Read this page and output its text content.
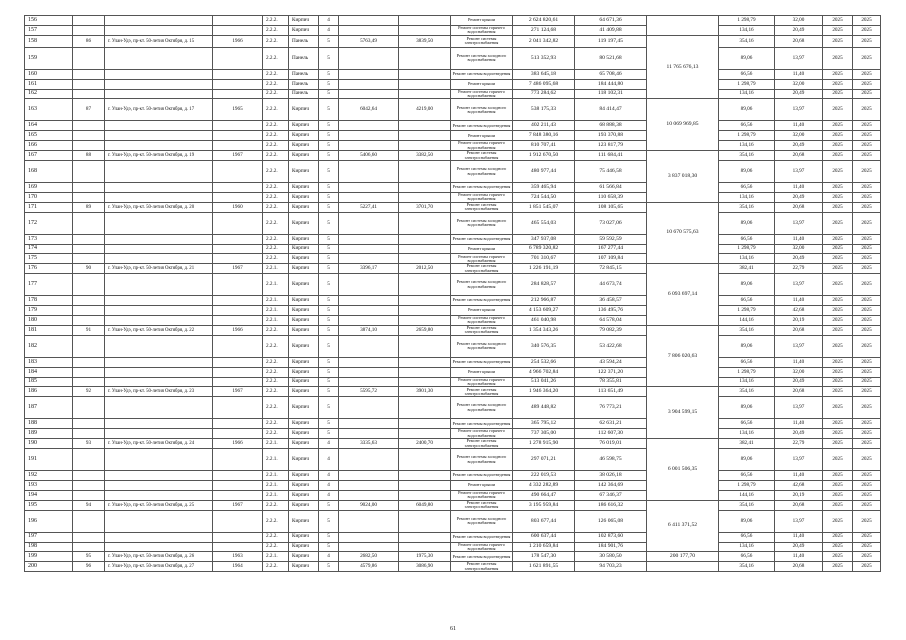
156				2.2.2.	Кирпич	4			Ремонт крыши	2 624 820,61	64 671,36		1 298,79	32,00	2025	2025
157				2.2.2.	Кирпич	4			Ремонт системы горячего водоснабжения	271 124,68	41 409,88		134,16	20,49	2025	2025
158	86	г. Улан-Удэ, пр-кт. 50-летия Октября, д. 15	1966	2.2.2.	Панель	5	5763,49	3839,50	Ремонт системы электроснабжения	2 041 342,82	119 197,45	11 765 676,13	354,16	20,68	2025	2025
159				2.2.2.	Панель	5			Ремонт системы холодного водоснабжения	513 352,93	80 521,68		89,06	13,97	2025	2025
160				2.2.2.	Панель	5			Ремонт системы водоотведения	383 645,18	65 708,46		66,56	11,40	2025	2025
161				2.2.2.	Панель	5			Ремонт крыши	7 486 095,68	184 444,80		1 298,79	32,00	2025	2025
162				2.2.2.	Панель	5			Ремонт системы горячего водоснабжения	773 284,62	118 102,31		134,16	20,49	2025	2025
163	87	г. Улан-Удэ, пр-кт. 50-летия Октября, д. 17	1965	2.2.2.	Кирпич	5	6042,64	4219,00	Ремонт системы холодного водоснабжения	538 175,33	84 414,47	10 069 969,85	89,06	13,97	2025	2025
164				2.2.2.	Кирпич	5			Ремонт системы водоотведения	402 211,43	68 888,38		66,56	11,40	2025	2025
165				2.2.2.	Кирпич	5			Ремонт крыши	7 848 380,16	193 370,88		1 298,79	32,00	2025	2025
166				2.2.2.	Кирпич	5			Ремонт системы горячего водоснабжения	810 707,41	123 817,79		134,16	20,49	2025	2025
167	88	г. Улан-Удэ, пр-кт. 50-летия Октября, д. 19	1967	2.2.2.	Кирпич	5	5406,60	3382,50	Ремонт системы электроснабжения	1 912 670,50	111 684,41	3 837 018,30	354,16	20,68	2025	2025
168				2.2.2.	Кирпич	5			Ремонт системы холодного водоснабжения	480 977,44	75 446,58		89,06	13,97	2025	2025
169				2.2.2.	Кирпич	5			Ремонт системы водоотведения	359 465,94	61 566,84		66,56	11,40	2025	2025
170				2.2.2.	Кирпич	5			Ремонт системы горячего водоснабжения	724 544,50	110 658,39		134,16	20,49	2025	2025
171	89	г. Улан-Удэ, пр-кт. 50-летия Октября, д. 20	1960	2.2.2.	Кирпич	5	5227,41	3701,70	Ремонт системы электроснабжения	1 851 545,07	108 105,65	10 670 575,63	354,16	20,68	2025	2025
172				2.2.2.	Кирпич	5			Ремонт системы холодного водоснабжения	465 554,03	73 027,06		89,06	13,97	2025	2025
173				2.2.2.	Кирпич	5			Ремонт системы водоотведения	347 937,08	59 592,59		66,56	11,40	2025	2025
174				2.2.2.	Кирпич	5			Ремонт крыши	6 789 320,82	167 277,44		1 298,79	32,00	2025	2025
175				2.2.2.	Кирпич	5			Ремонт системы горячего водоснабжения	701 310,67	107 109,84		134,16	20,49	2025	2025
176	90	г. Улан-Удэ, пр-кт. 50-летия Октября, д. 21	1967	2.2.1.	Кирпич	5	3396,17	2012,50	Ремонт системы электроснабжения	1 226 191,19	72 845,15	6 093 697,14	382,41	22,79	2025	2025
177				2.2.1.	Кирпич	5			Ремонт системы холодного водоснабжения	284 828,57	44 673,74		89,06	13,97	2025	2025
178				2.2.1.	Кирпич	5			Ремонт системы водоотведения	212 966,87	36 458,57		66,56	11,40	2025	2025
179				2.2.1.	Кирпич	5			Ремонт крыши	4 153 609,27	136 495,76		1 298,79	42,68	2025	2025
180				2.2.1.	Кирпич	5			Ремонт системы горячего водоснабжения	461 040,98	64 578,04		144,16	20,19	2025	2025
181	91	г. Улан-Удэ, пр-кт. 50-летия Октября, д. 22	1966	2.2.2.	Кирпич	5	3874,10	2659,80	Ремонт системы электроснабжения	1 354 343,26	79 082,39	7 806 020,63	354,16	20,68	2025	2025
182				2.2.2.	Кирпич	5			Ремонт системы холодного водоснабжения	340 576,35	53 422,68		89,06	13,97	2025	2025
183				2.2.2.	Кирпич	5			Ремонт системы водоотведения	254 532,66	43 594,24		66,56	11,40	2025	2025
184				2.2.2.	Кирпич	5			Ремонт крыши	4 966 702,84	122 371,20		1 298,79	32,00	2025	2025
185				2.2.2.	Кирпич	5			Ремонт системы горячего водоснабжения	513 041,26	78 355,81		134,16	20,49	2025	2025
186	92	г. Улан-Удэ, пр-кт. 50-летия Октября, д. 23	1967	2.2.2.	Кирпич	5	5595,72	3901,30	Ремонт системы электроснабжения	1 946 364,20	113 651,49	3 904 599,15	354,16	20,68	2025	2025
187				2.2.2.	Кирпич	5			Ремонт системы холодного водоснабжения	489 448,82	76 773,21		89,06	13,97	2025	2025
188				2.2.2.	Кирпич	5			Ремонт системы водоотведения	365 795,12	62 631,21		66,56	11,40	2025	2025
189				2.2.2.	Кирпич	5			Ремонт системы горячего водоснабжения	737 305,00	112 607,30		134,16	20,49	2025	2025
190	93	г. Улан-Удэ, пр-кт. 50-летия Октября, д. 24	1966	2.2.1.	Кирпич	4	3335,63	2400,70	Ремонт системы электроснабжения	1 278 915,90	76 019,01	6 001 506,35	382,41	22,79	2025	2025
191				2.2.1.	Кирпич	4			Ремонт системы холодного водоснабжения	297 071,21	46 598,75		89,06	13,97	2025	2025
192				2.2.1.	Кирпич	4			Ремонт системы водоотведения	222 019,53	38 026,18		66,56	11,40	2025	2025
193				2.2.1.	Кирпич	4			Ремонт крыши	4 332 282,89	142 364,69		1 298,79	42,68	2025	2025
194				2.2.1.	Кирпич	4			Ремонт системы горячего водоснабжения	490 664,47	67 346,37		144,16	20,19	2025	2025
195	94	г. Улан-Удэ, пр-кт. 50-летия Октября, д. 25	1967	2.2.2.	Кирпич	5	9024,00	6049,80	Ремонт системы электроснабжения	3 195 959,84	186 616,32	6 411 371,52	354,16	20,68	2025	2025
196				2.2.2.	Кирпич	5			Ремонт системы холодного водоснабжения	803 677,44	126 065,08		89,06	13,97	2025	2025
197				2.2.2.	Кирпич	5			Ремонт системы водоотведения	600 637,44	102 873,60		66,56	11,40	2025	2025
198				2.2.2.	Кирпич	5			Ремонт системы горячего водоснабжения	1 210 659,84	184 901,76		134,16	20,49	2025	2025
199	95	г. Улан-Удэ, пр-кт. 50-летия Октября, д. 26	1963	2.2.1.	Кирпич	4	2682,50	1975,30	Ремонт системы водоотведения	178 547,30	30 580,50	200 177,70	66,56	11,40	2025	2025
200	96	г. Улан-Удэ, пр-кт. 50-летия Октября, д. 27	1964	2.2.2.	Кирпич	5	4579,86	3086,90	Ремонт системы электроснабжения	1 621 891,55	94 703,23		354,16	20,68	2025	2025
61
